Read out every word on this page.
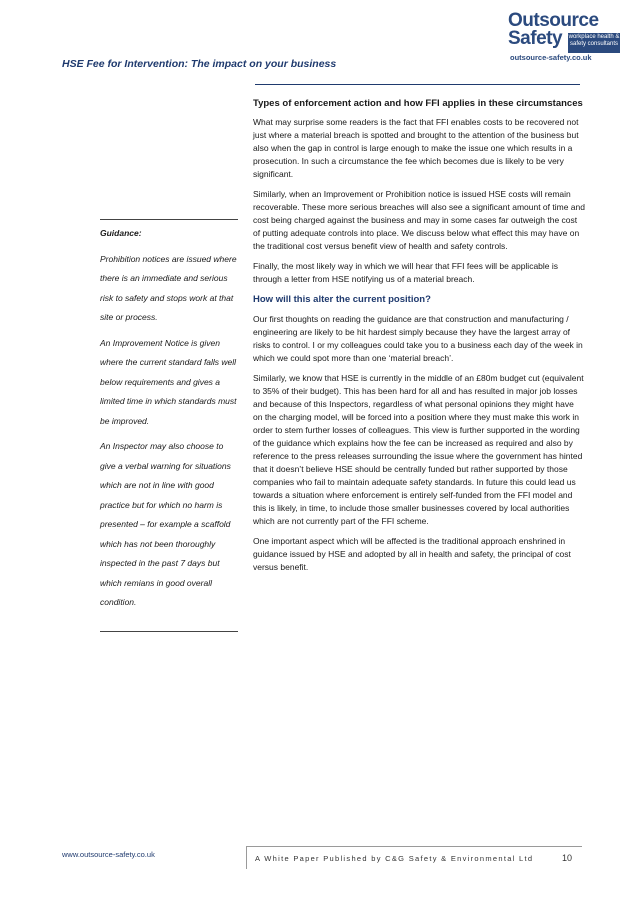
HSE Fee for Intervention: The impact on your business
Outsource
Safety workplace health & safety consultants
outsource-safety.co.uk
Types of enforcement action and how FFI applies in these circumstances

What may surprise some readers is the fact that FFI enables costs to be recovered not just where a material breach is spotted and brought to the attention of the business but also when the gap in control is large enough to make the issue one which results in a prosecution. In such a circumstance the fee which becomes due is likely to be very significant.

Similarly, when an Improvement or Prohibition notice is issued HSE costs will remain recoverable. These more serious breaches will also see a significant amount of time and cost being charged against the business and may in some cases far outweigh the cost of putting adequate controls into place. We discuss below what effect this may have on the traditional cost versus benefit view of health and safety controls.

Finally, the most likely way in which we will hear that FFI fees will be applicable is through a letter from HSE notifying us of a material breach.

How will this alter the current position?

Our first thoughts on reading the guidance are that construction and manufacturing / engineering are likely to be hit hardest simply because they have the largest array of risks to control. I or my colleagues could take you to a business each day of the week in which we could spot more than one ‘material breach’.

Similarly, we know that HSE is currently in the middle of an £80m budget cut (equivalent to 35% of their budget). This has been hard for all and has resulted in major job losses and because of this Inspectors, regardless of what personal opinions they might have on the charging model, will be forced into a position where they must make this work in order to stem further losses of colleagues. This view is further supported in the wording of the guidance which explains how the fee can be increased as required and also by reference to the press releases surrounding the issue where the government has hinted that it doesn’t believe HSE should be centrally funded but rather supported by those companies who fail to maintain adequate safety standards. In future this could lead us towards a situation where enforcement is entirely self-funded from the FFI model and this is likely, in time, to include those smaller businesses covered by local authorities which are not currently part of the FFI scheme.

One important aspect which will be affected is the traditional approach enshrined in guidance issued by HSE and adopted by all in health and safety, the principal of cost versus benefit.

Guidance:

Prohibition notices are issued where there is an immediate and serious risk to safety and stops work at that site or process.

An Improvement Notice is given where the current standard falls well below requirements and gives a limited time in which standards must be improved.

An Inspector may also choose to give a verbal warning for situations which are not in line with good practice but for which no harm is presented – for example a scaffold which has not been thoroughly inspected in the past 7 days but which remians in good overall condition.

www.outsource-safety.co.uk	A White Paper Published by C&G Safety & Environmental Ltd	10
